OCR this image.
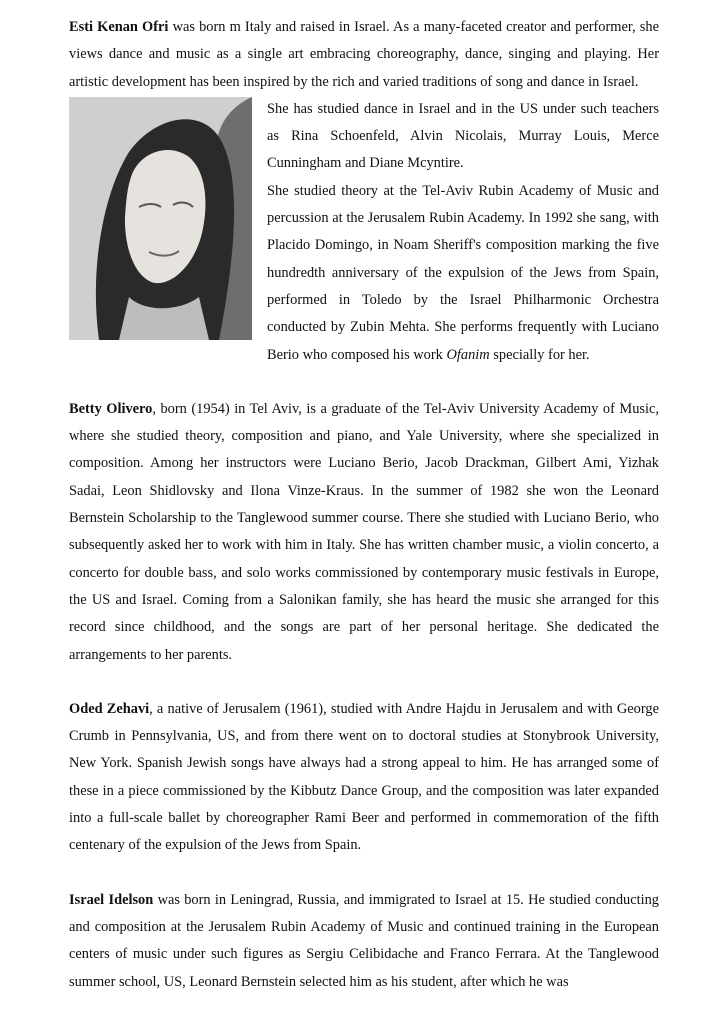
Esti Kenan Ofri was born m Italy and raised in Israel. As a many-faceted creator and performer, she views dance and music as a single art embracing choreography, dance, singing and playing. Her artistic development has been inspired by the rich and varied traditions of song and dance in Israel.

She has studied dance in Israel and in the US under such teachers as Rina Schoenfeld, Alvin Nicolais, Murray Louis, Merce Cunningham and Diane Mcyntire.

She studied theory at the Tel-Aviv Rubin Academy of Music and percussion at the Jerusalem Rubin Academy. In 1992 she sang, with Placido Domingo, in Noam Sheriff's composition marking the five hundredth anniversary of the expulsion of the Jews from Spain, performed in Toledo by the Israel Philharmonic Orchestra conducted by Zubin Mehta. She performs frequently with Luciano Berio who composed his work Ofanim specially for her.

Betty Olivero, born (1954) in Tel Aviv, is a graduate of the Tel-Aviv University Academy of Music, where she studied theory, composition and piano, and Yale University, where she specialized in composition. Among her instructors were Luciano Berio, Jacob Drackman, Gilbert Ami, Yizhak Sadai, Leon Shidlovsky and Ilona Vinze-Kraus. In the summer of 1982 she won the Leonard Bernstein Scholarship to the Tanglewood summer course. There she studied with Luciano Berio, who subsequently asked her to work with him in Italy. She has written chamber music, a violin concerto, a concerto for double bass, and solo works commissioned by contemporary music festivals in Europe, the US and Israel. Coming from a Salonikan family, she has heard the music she arranged for this record since childhood, and the songs are part of her personal heritage. She dedicated the arrangements to her parents.

Oded Zehavi, a native of Jerusalem (1961), studied with Andre Hajdu in Jerusalem and with George Crumb in Pennsylvania, US, and from there went on to doctoral studies at Stonybrook University, New York. Spanish Jewish songs have always had a strong appeal to him. He has arranged some of these in a piece commissioned by the Kibbutz Dance Group, and the composition was later expanded into a full-scale ballet by choreographer Rami Beer and performed in commemoration of the fifth centenary of the expulsion of the Jews from Spain.

Israel Idelson was born in Leningrad, Russia, and immigrated to Israel at 15. He studied conducting and composition at the Jerusalem Rubin Academy of Music and continued training in the European centers of music under such figures as Sergiu Celibidache and Franco Ferrara. At the Tanglewood summer school, US, Leonard Bernstein selected him as his student, after which he was
